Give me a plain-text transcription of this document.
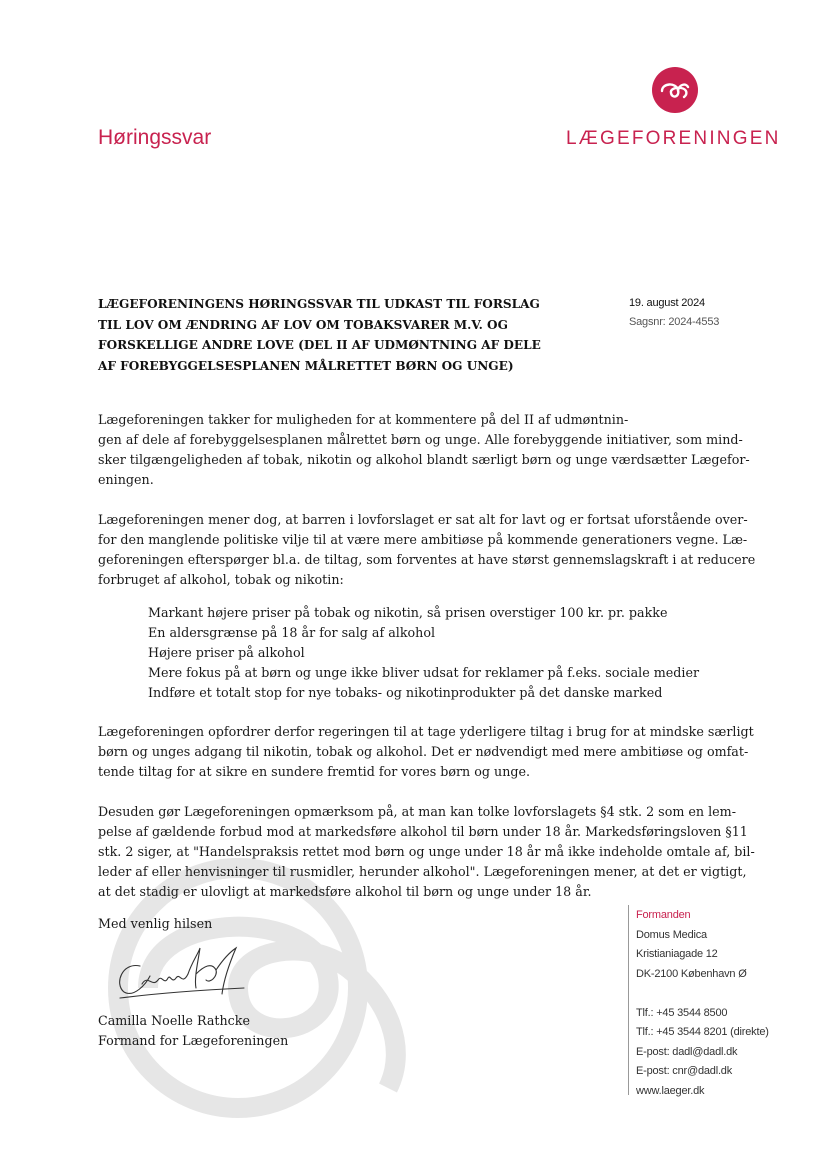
Høringssvar	LÆGEFORENINGEN
LÆGEFORENINGENS HØRINGSSVAR TIL UDKAST TIL FORSLAG
TIL LOV OM ÆNDRING AF LOV OM TOBAKSVARER M.V. OG
FORSKELLIGE ANDRE LOVE (DEL II AF UDMØNTNING AF DELE
AF FOREBYGGELSESPLANEN MÅLRETTET BØRN OG UNGE)
19. august 2024
Sagsnr: 2024-4553
Lægeforeningen takker for muligheden for at kommentere på del II af udmøntnin-
gen af dele af forebyggelsesplanen målrettet børn og unge. Alle forebyggende initiativer, som mind-
sker tilgængeligheden af tobak, nikotin og alkohol blandt særligt børn og unge værdsætter Lægefor-
eningen.
Lægeforeningen mener dog, at barren i lovforslaget er sat alt for lavt og er fortsat uforstående over-
for den manglende politiske vilje til at være mere ambitiøse på kommende generationers vegne. Læ-
geforeningen efterspørger bl.a. de tiltag, som forventes at have størst gennemslagskraft i at reducere
forbruget af alkohol, tobak og nikotin:
Markant højere priser på tobak og nikotin, så prisen overstiger 100 kr. pr. pakke
En aldersgrænse på 18 år for salg af alkohol
Højere priser på alkohol
Mere fokus på at børn og unge ikke bliver udsat for reklamer på f.eks. sociale medier
Indføre et totalt stop for nye tobaks- og nikotinprodukter på det danske marked
Lægeforeningen opfordrer derfor regeringen til at tage yderligere tiltag i brug for at mindske særligt
børn og unges adgang til nikotin, tobak og alkohol. Det er nødvendigt med mere ambitiøse og omfat-
tende tiltag for at sikre en sundere fremtid for vores børn og unge.
Desuden gør Lægeforeningen opmærksom på, at man kan tolke lovforslagets §4 stk. 2 som en lem-
pelse af gældende forbud mod at markedsføre alkohol til børn under 18 år. Markedsføringsloven §11
stk. 2 siger, at "Handelspraksis rettet mod børn og unge under 18 år må ikke indeholde omtale af, bil-
leder af eller henvisninger til rusmidler, herunder alkohol". Lægeforeningen mener, at det er vigtigt,
at det stadig er ulovligt at markedsføre alkohol til børn og unge under 18 år.
Med venlig hilsen
Camilla Noelle Rathcke
Formand for Lægeforeningen
Formanden
Domus Medica
Kristianiagade 12
DK-2100 København Ø

Tlf.: +45 3544 8500
Tlf.: +45 3544 8201 (direkte)
E-post: dadl@dadl.dk
E-post: cnr@dadl.dk
www.laeger.dk
